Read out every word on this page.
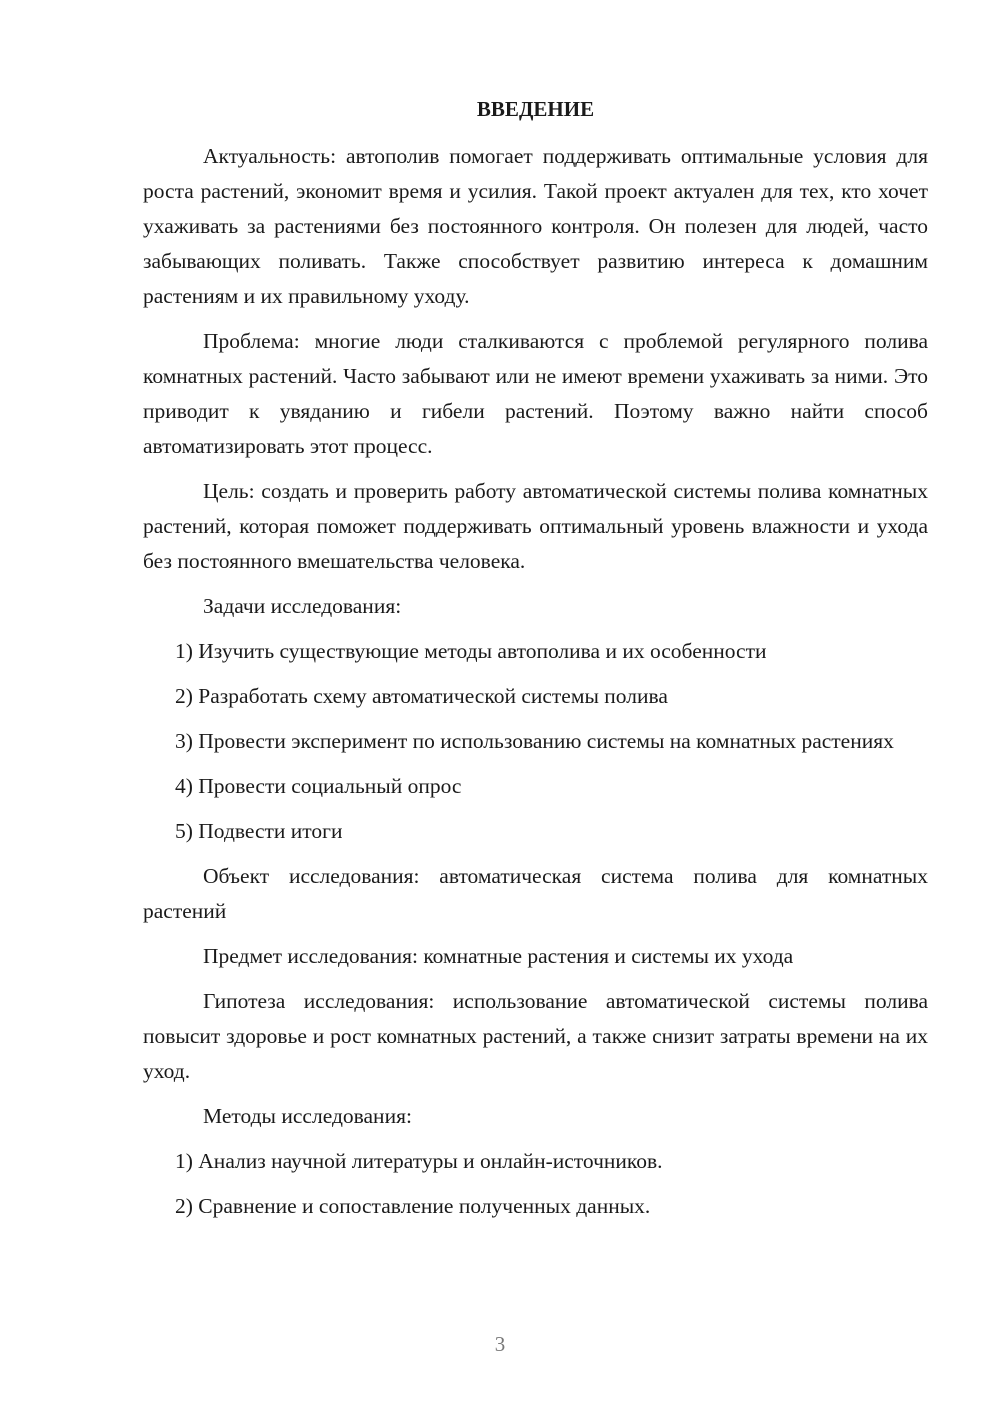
ВВЕДЕНИЕ

Актуальность: автополив помогает поддерживать оптимальные условия для роста растений, экономит время и усилия. Такой проект актуален для тех, кто хочет ухаживать за растениями без постоянного контроля. Он полезен для людей, часто забывающих поливать. Также способствует развитию интереса к домашним растениям и их правильному уходу.

Проблема: многие люди сталкиваются с проблемой регулярного полива комнатных растений. Часто забывают или не имеют времени ухаживать за ними. Это приводит к увяданию и гибели растений. Поэтому важно найти способ автоматизировать этот процесс.

Цель: создать и проверить работу автоматической системы полива комнатных растений, которая поможет поддерживать оптимальный уровень влажности и ухода без постоянного вмешательства человека.

Задачи исследования:

1) Изучить существующие методы автополива и их особенности

2) Разработать схему автоматической системы полива

3) Провести эксперимент по использованию системы на комнатных растениях

4) Провести социальный опрос

5) Подвести итоги

Объект исследования: автоматическая система полива для комнатных растений

Предмет исследования: комнатные растения и системы их ухода

Гипотеза исследования: использование автоматической системы полива повысит здоровье и рост комнатных растений, а также снизит затраты времени на их уход.

Методы исследования:

1) Анализ научной литературы и онлайн-источников.

2) Сравнение и сопоставление полученных данных.

3
